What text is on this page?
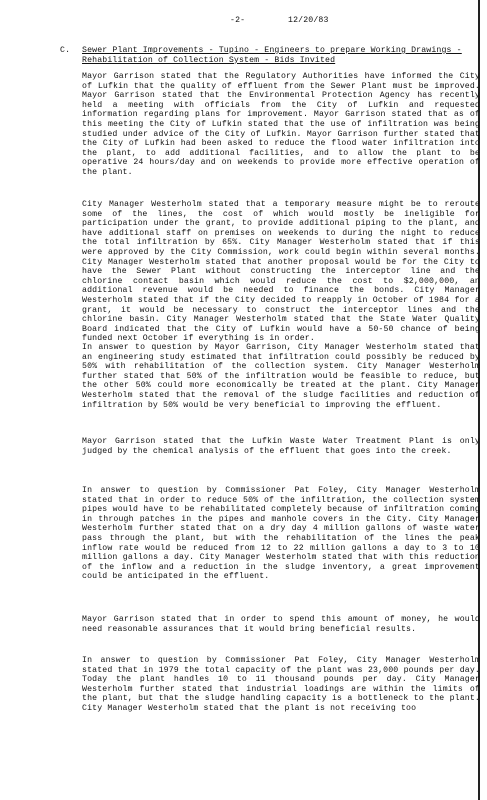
-2-	12/20/83
C. Sewer Plant Improvements - Tupino - Engineers to prepare Working Drawings - Rehabilitation of Collection System - Bids Invited

Mayor Garrison stated that the Regulatory Authorities have informed the City of Lufkin that the quality of effluent from the Sewer Plant must be improved. Mayor Garrison stated that the Environmental Protection Agency has recently held a meeting with officials from the City of Lufkin and requested information regarding plans for improvement. Mayor Garrison stated that as of this meeting the City of Lufkin stated that the use of infiltration was being studied under advice of the City of Lufkin. Mayor Garrison further stated that the City of Lufkin had been asked to reduce the flood water infiltration into the plant, to add additional facilities, and to allow the plant to be operative 24 hours/day and on weekends to provide more effective operation of the plant.

City Manager Westerholm stated that a temporary measure might be to reroute some of the lines, the cost of which would mostly be ineligible for participation under the grant, to provide additional piping to the plant, and have additional staff on premises on weekends to during the night to reduce the total infiltration by 65%. City Manager Westerholm stated that if this were approved by the City Commission, work could begin within several months. City Manager Westerholm stated that another proposal would be for the City to have the Sewer Plant without constructing the interceptor line and the chlorine contact basin which would reduce the cost to $2,000,000, an additional revenue would be needed to finance the bonds. City Manager Westerholm stated that if the City decided to reapply in October of 1984 for a grant, it would be necessary to construct the interceptor lines and the chlorine basin. City Manager Westerholm stated that the State Water Quality Board indicated that the City of Lufkin would have a 50-50 chance of being funded next October if everything is in order.

In answer to question by Mayor Garrison, City Manager Westerholm stated that an engineering study estimated that infiltration could possibly be reduced by 50% with rehabilitation of the collection system. City Manager Westerholm further stated that 50% of the infiltration would be feasible to reduce, but the other 50% could more economically be treated at the plant. City Manager Westerholm stated that the removal of the sludge facilities and reduction of infiltration by 50% would be very beneficial to improving the effluent.

Mayor Garrison stated that the Lufkin Waste Water Treatment Plant is only judged by the chemical analysis of the effluent that goes into the creek.

In answer to question by Commissioner Pat Foley, City Manager Westerholm stated that in order to reduce 50% of the infiltration, the collection system pipes would have to be rehabilitated completely because of infiltration coming in through patches in the pipes and manhole covers in the City. City Manager Westerholm further stated that on a dry day 4 million gallons of waste water pass through the plant, but with the rehabilitation of the lines the peak inflow rate would be reduced from 12 to 22 million gallons a day to 3 to 10 million gallons a day. City Manager Westerholm stated that with this reduction of the inflow and a reduction in the sludge inventory, a great improvement could be anticipated in the effluent.

Mayor Garrison stated that in order to spend this amount of money, he would need reasonable assurances that it would bring beneficial results.

In answer to question by Commissioner Pat Foley, City Manager Westerholm stated that in 1979 the total capacity of the plant was 23,000 pounds per day. Today the plant handles 10 to 11 thousand pounds per day. City Manager Westerholm further stated that industrial loadings are within the limits of the plant, but that the sludge handling capacity is a bottleneck to the plant. City Manager Westerholm stated that the plant is not receiving too
